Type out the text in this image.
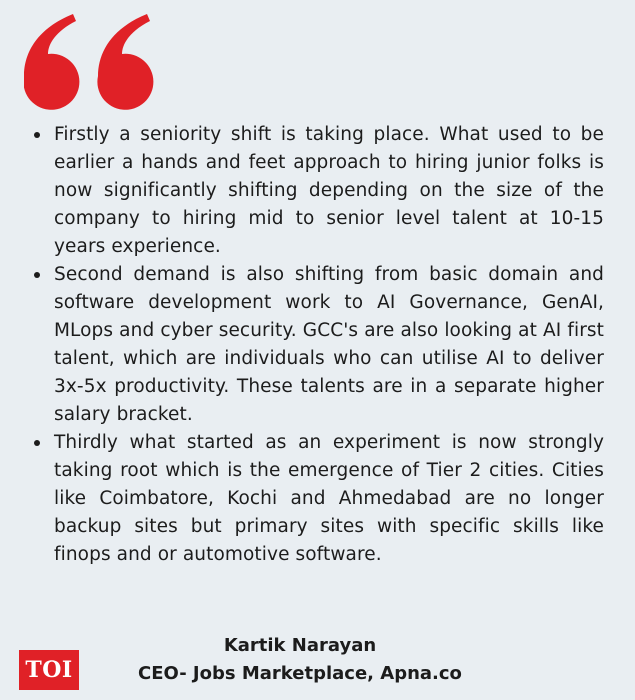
Firstly a seniority shift is taking place. What used to be earlier a hands and feet approach to hiring junior folks is now significantly shifting depending on the size of the company to hiring mid to senior level talent at 10-15 years experience.
Second demand is also shifting from basic domain and software development work to AI Governance, GenAI, MLops and cyber security. GCC's are also looking at AI first talent, which are individuals who can utilise AI to deliver 3x-5x productivity. These talents are in a separate higher salary bracket.
Thirdly what started as an experiment is now strongly taking root which is the emergence of Tier 2 cities. Cities like Coimbatore, Kochi and Ahmedabad are no longer backup sites but primary sites with specific skills like finops and or automotive software.
TOI
Kartik Narayan
CEO- Jobs Marketplace, Apna.co
